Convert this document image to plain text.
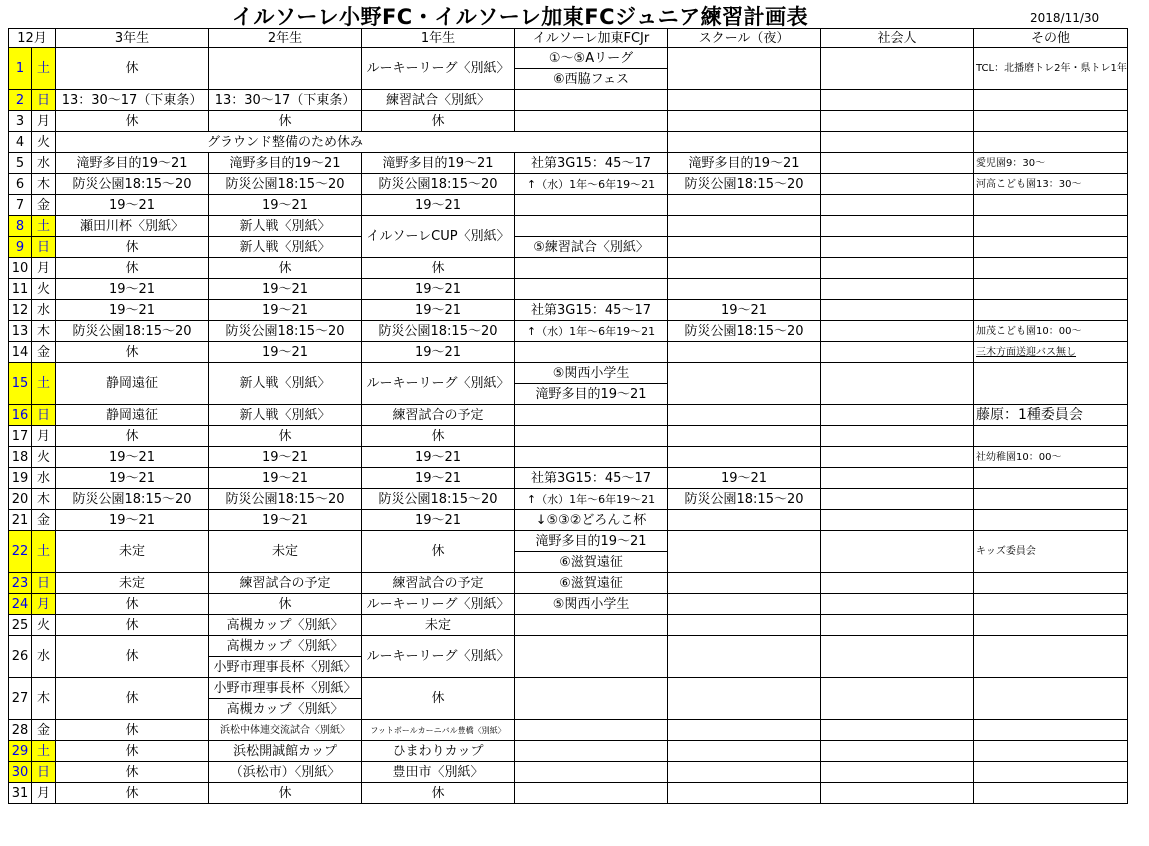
イルソーレ小野FC・イルソーレ加東FCジュニア練習計画表	2018/11/30
12月		3年生	2年生	1年生	イルソーレ加東FCJr	スクール（夜）	社会人	その他
1	土	休		ルーキーリーグ〈別紙〉	①～⑤Aリーグ			TCL：北播磨トレ2年・県トレ1年
					⑥西脇フェス			
2	日	13：30～17（下東条）	13：30～17（下東条）	練習試合〈別紙〉				
3	月	休	休	休				
4	火	グラウンド整備のため休み						
5	水	滝野多目的19～21	滝野多目的19～21	滝野多目的19～21	社第3G15：45～17	滝野多目的19～21		愛児園9：30～
6	木	防災公園18:15～20	防災公園18:15～20	防災公園18:15～20	↑（水）1年～6年19～21	防災公園18:15～20		河高こども園13：30～
7	金	19～21	19～21	19～21				
8	土	瀬田川杯〈別紙〉	新人戦〈別紙〉	イルソーレCUP〈別紙〉				
9	日	休	新人戦〈別紙〉		⑤練習試合〈別紙〉			
10	月	休	休	休				
11	火	19～21	19～21	19～21				
12	水	19～21	19～21	19～21	社第3G15：45～17	19～21		
13	木	防災公園18:15～20	防災公園18:15～20	防災公園18:15～20	↑（水）1年～6年19～21	防災公園18:15～20		加茂こども園10：00～
14	金	休	19～21	19～21				三木方面送迎バス無し
15	土	静岡遠征	新人戦〈別紙〉	ルーキーリーグ〈別紙〉	⑤関西小学生			
					滝野多目的19～21			
16	日	静岡遠征	新人戦〈別紙〉	練習試合の予定				藤原：1種委員会
17	月	休	休	休				
18	火	19～21	19～21	19～21				社幼稚園10：00～
19	水	19～21	19～21	19～21	社第3G15：45～17	19～21		
20	木	防災公園18:15～20	防災公園18:15～20	防災公園18:15～20	↑（水）1年～6年19～21	防災公園18:15～20		
21	金	19～21	19～21	19～21	↓⑤③②どろんこ杯			
22	土	未定	未定	休	滝野多目的19～21			キッズ委員会
					⑥滋賀遠征			
23	日	未定	練習試合の予定	練習試合の予定	⑥滋賀遠征			
24	月	休	休	ルーキーリーグ〈別紙〉	⑤関西小学生			
25	火	休	高槻カップ〈別紙〉	未定				
26	水	休	高槻カップ〈別紙〉	ルーキーリーグ〈別紙〉				
			小野市理事長杯〈別紙〉					
27	木	休	小野市理事長杯〈別紙〉	休				
			高槻カップ〈別紙〉					
28	金	休	浜松中体連交流試合〈別紙〉	フットボールカーニバル豊橋〈別紙〉				
29	土	休	浜松開誠館カップ	ひまわりカップ				
30	日	休	（浜松市）〈別紙〉	豊田市〈別紙〉				
31	月	休	休	休				
